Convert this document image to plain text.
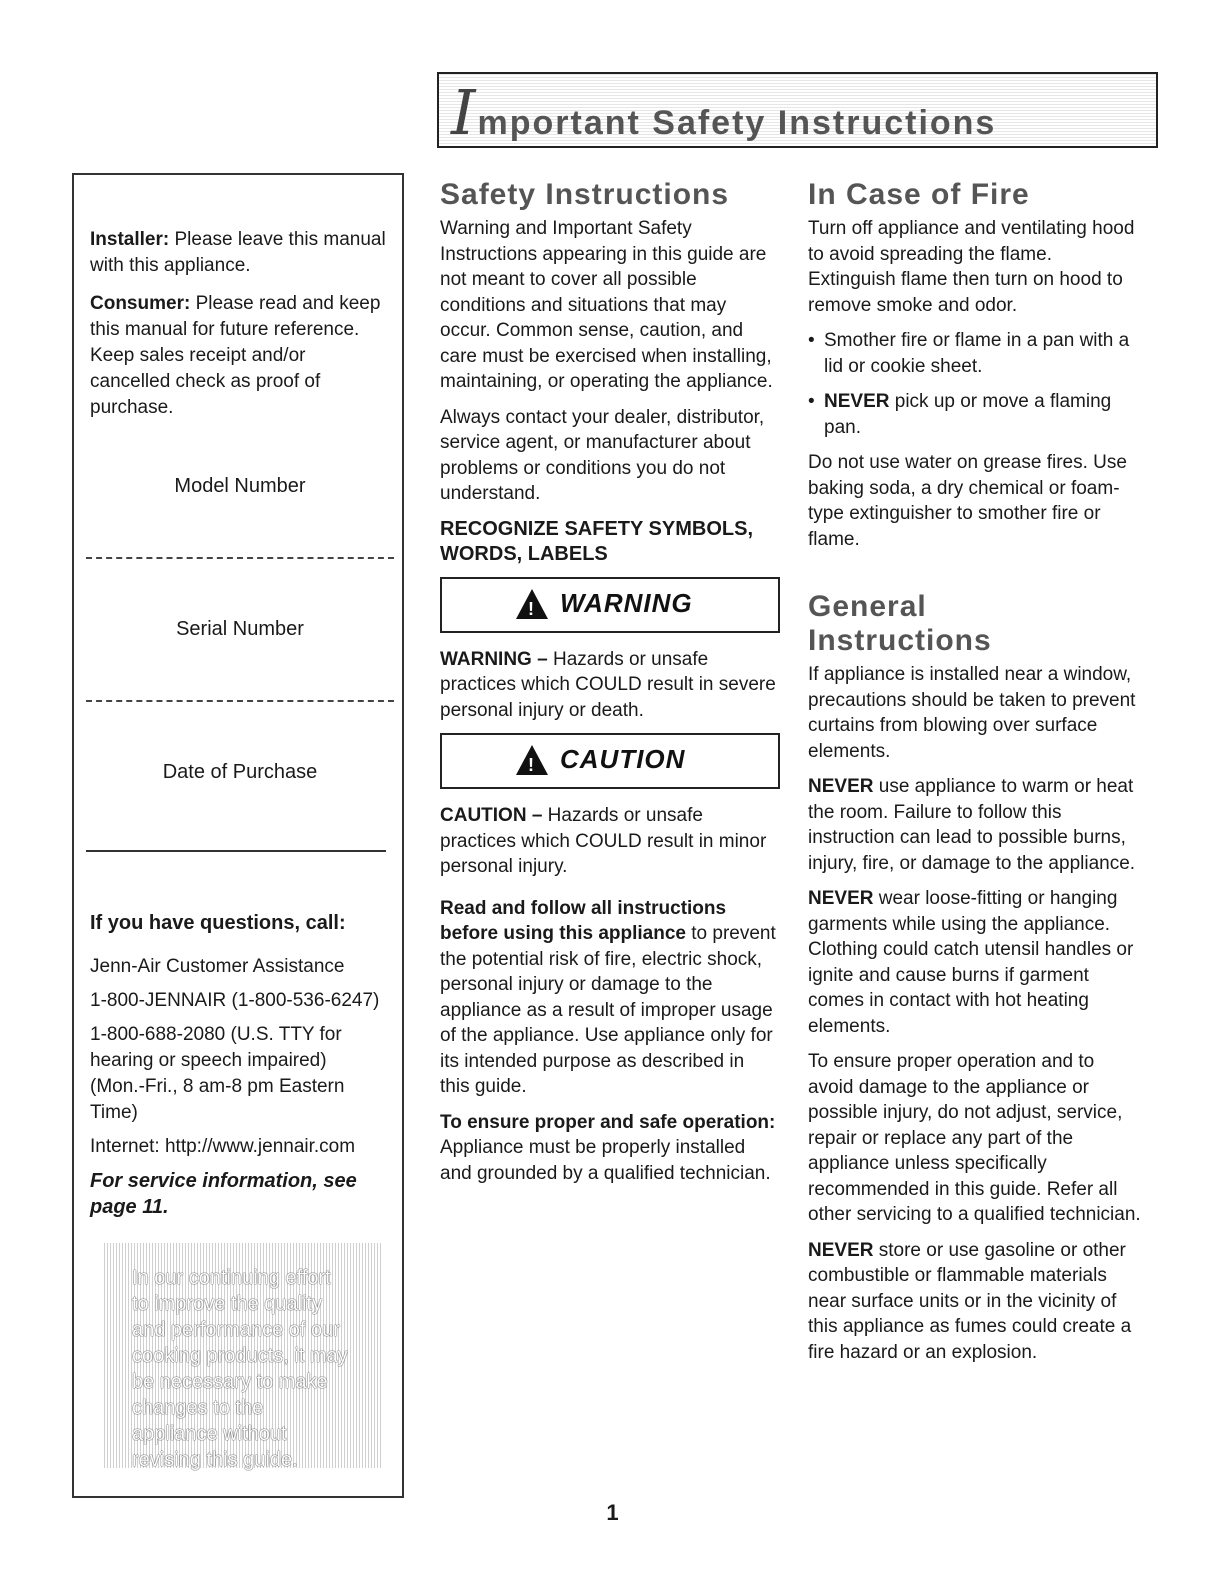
Important Safety Instructions

Installer: Please leave this manual with this appliance.

Consumer: Please read and keep this manual for future reference. Keep sales receipt and/or cancelled check as proof of purchase.

Model Number
Serial Number
Date of Purchase

If you have questions, call:

Jenn-Air Customer Assistance

1-800-JENNAIR (1-800-536-6247)

1-800-688-2080 (U.S. TTY for hearing or speech impaired)

(Mon.-Fri., 8 am-8 pm Eastern Time)

Internet: http://www.jennair.com

For service information, see page 11.

In our continuing effort to improve the quality and performance of our cooking products, it may be necessary to make changes to the appliance without revising this guide.
Safety Instructions

Warning and Important Safety Instructions appearing in this guide are not meant to cover all possible conditions and situations that may occur. Common sense, caution, and care must be exercised when installing, maintaining, or operating the appliance.

Always contact your dealer, distributor, service agent, or manufacturer about problems or conditions you do not understand.

RECOGNIZE SAFETY SYMBOLS, WORDS, LABELS

!
WARNING

WARNING – Hazards or unsafe practices which COULD result in severe personal injury or death.

!
CAUTION

CAUTION – Hazards or unsafe practices which COULD result in minor personal injury.

Read and follow all instructions before using this appliance to prevent the potential risk of fire, electric shock, personal injury or damage to the appliance as a result of improper usage of the appliance. Use appliance only for its intended purpose as described in this guide.

To ensure proper and safe operation: Appliance must be properly installed and grounded by a qualified technician.

In Case of Fire

Turn off appliance and ventilating hood to avoid spreading the flame. Extinguish flame then turn on hood to remove smoke and odor.

• Smother fire or flame in a pan with a lid or cookie sheet.

• NEVER pick up or move a flaming pan.

Do not use water on grease fires. Use baking soda, a dry chemical or foam-type extinguisher to smother fire or flame.

General
Instructions

If appliance is installed near a window, precautions should be taken to prevent curtains from blowing over surface elements.

NEVER use appliance to warm or heat the room. Failure to follow this instruction can lead to possible burns, injury, fire, or damage to the appliance.

NEVER wear loose-fitting or hanging garments while using the appliance. Clothing could catch utensil handles or ignite and cause burns if garment comes in contact with hot heating elements.

To ensure proper operation and to avoid damage to the appliance or possible injury, do not adjust, service, repair or replace any part of the appliance unless specifically recommended in this guide. Refer all other servicing to a qualified technician.

NEVER store or use gasoline or other combustible or flammable materials near surface units or in the vicinity of this appliance as fumes could create a fire hazard or an explosion.

1
